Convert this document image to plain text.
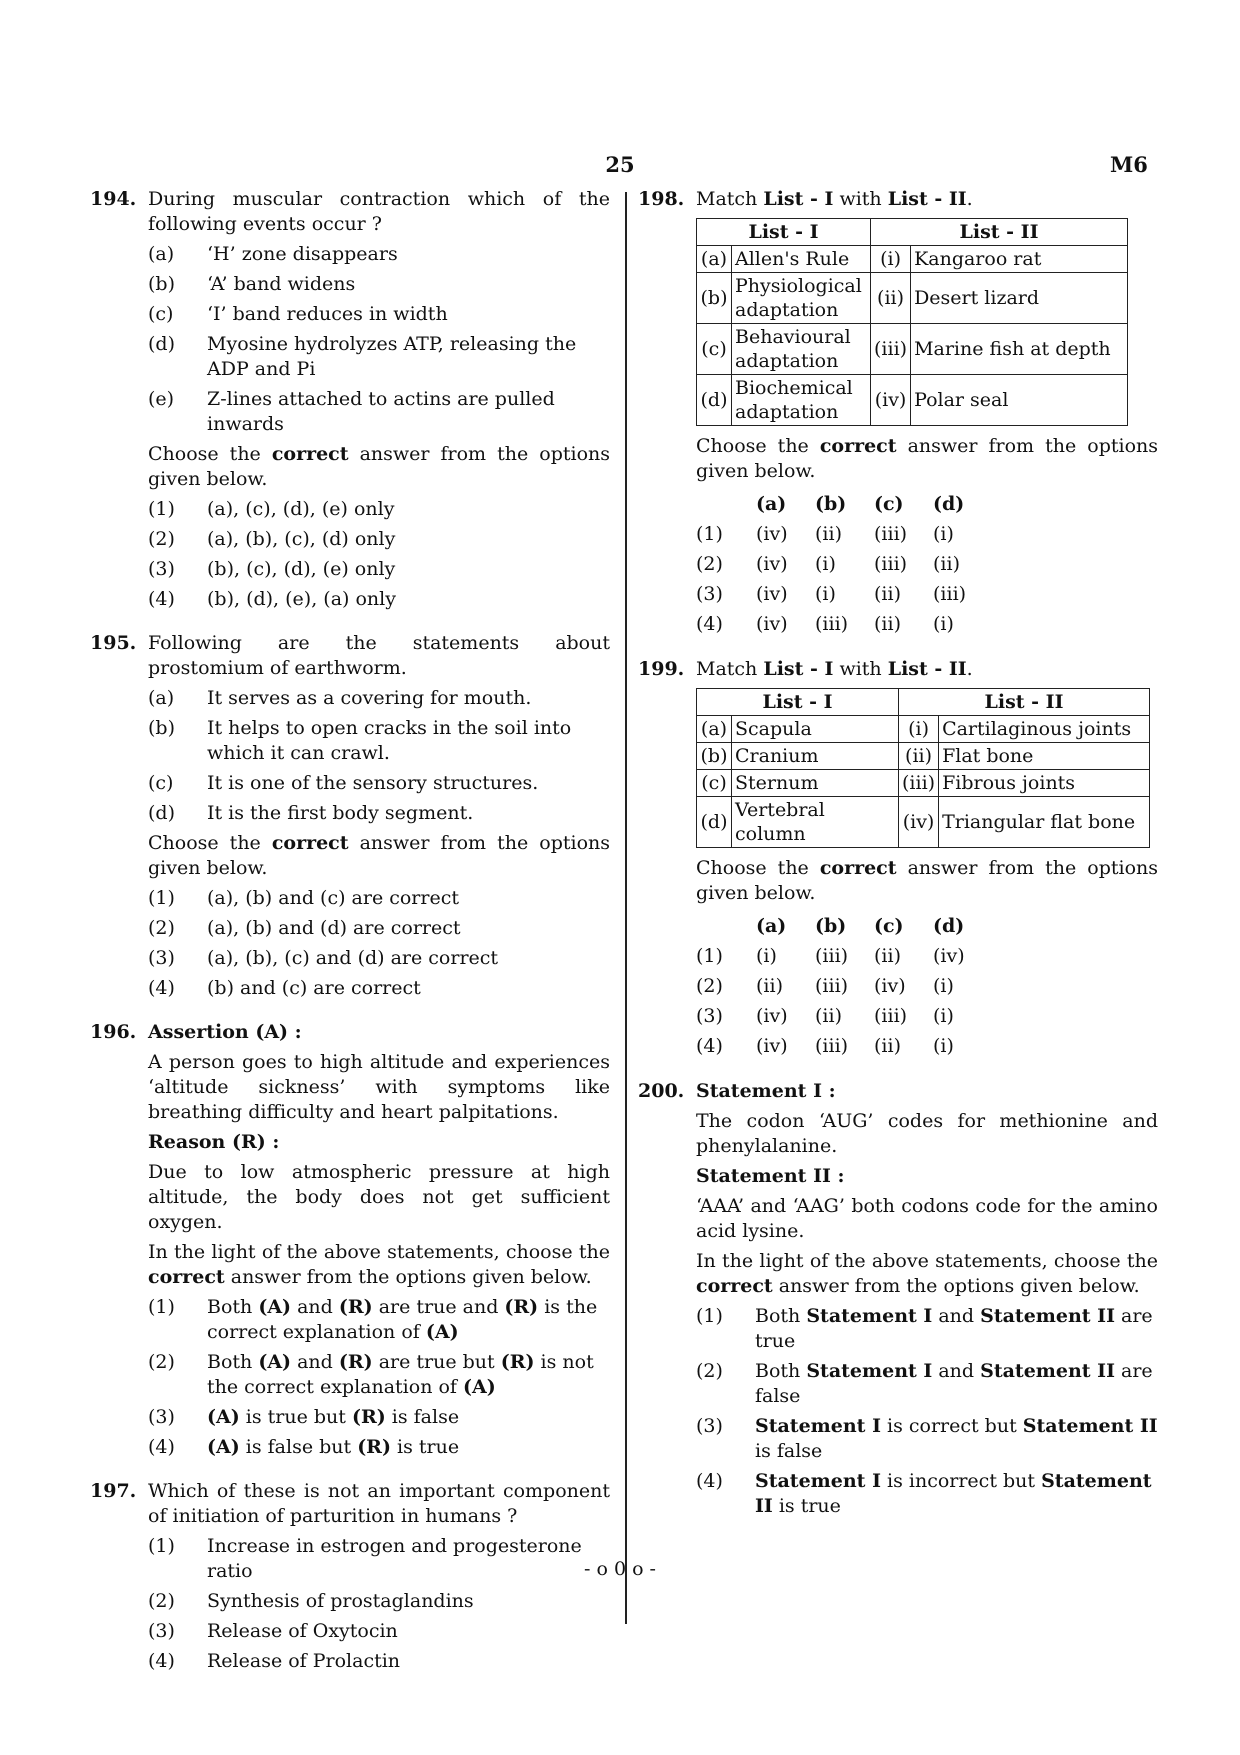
25	M6
194. During muscular contraction which of the following events occur ?

(a)	‘H’ zone disappears
(b)	‘A’ band widens
(c)	‘I’ band reduces in width
(d)	Myosine hydrolyzes ATP, releasing the ADP and Pi
(e)	Z-lines attached to actins are pulled inwards

Choose the correct answer from the options given below.

(1)	(a), (c), (d), (e) only
(2)	(a), (b), (c), (d) only
(3)	(b), (c), (d), (e) only
(4)	(b), (d), (e), (a) only
195. Following are the statements about prostomium of earthworm.

(a)	It serves as a covering for mouth.
(b)	It helps to open cracks in the soil into which it can crawl.
(c)	It is one of the sensory structures.
(d)	It is the first body segment.

Choose the correct answer from the options given below.

(1)	(a), (b) and (c) are correct
(2)	(a), (b) and (d) are correct
(3)	(a), (b), (c) and (d) are correct
(4)	(b) and (c) are correct
196. Assertion (A) :

A person goes to high altitude and experiences ‘altitude sickness’ with symptoms like breathing difficulty and heart palpitations.

Reason (R) :

Due to low atmospheric pressure at high altitude, the body does not get sufficient oxygen.

In the light of the above statements, choose the correct answer from the options given below.

(1)	Both (A) and (R) are true and (R) is the correct explanation of (A)
(2)	Both (A) and (R) are true but (R) is not the correct explanation of (A)
(3)	(A) is true but (R) is false
(4)	(A) is false but (R) is true
197. Which of these is not an important component of initiation of parturition in humans ?

(1)	Increase in estrogen and progesterone ratio
(2)	Synthesis of prostaglandins
(3)	Release of Oxytocin
(4)	Release of Prolactin
198. Match List - I with List - II.

List - I		List - II	
(a)	Allen's Rule	(i)	Kangaroo rat
(b)	Physiological adaptation	(ii)	Desert lizard
(c)	Behavioural adaptation	(iii)	Marine fish at depth
(d)	Biochemical adaptation	(iv)	Polar seal

Choose the correct answer from the options given below.

	(a)	(b)	(c)	(d)
(1)	(iv)	(ii)	(iii)	(i)
(2)	(iv)	(i)	(iii)	(ii)
(3)	(iv)	(i)	(ii)	(iii)
(4)	(iv)	(iii)	(ii)	(i)
199. Match List - I with List - II.

List - I		List - II	
(a)	Scapula	(i)	Cartilaginous joints
(b)	Cranium	(ii)	Flat bone
(c)	Sternum	(iii)	Fibrous joints
(d)	Vertebral column	(iv)	Triangular flat bone

Choose the correct answer from the options given below.

	(a)	(b)	(c)	(d)
(1)	(i)	(iii)	(ii)	(iv)
(2)	(ii)	(iii)	(iv)	(i)
(3)	(iv)	(ii)	(iii)	(i)
(4)	(iv)	(iii)	(ii)	(i)
200. Statement I :

The codon ‘AUG’ codes for methionine and phenylalanine.

Statement II :

‘AAA’ and ‘AAG’ both codons code for the amino acid lysine.

In the light of the above statements, choose the correct answer from the options given below.

(1)	Both Statement I and Statement II are true
(2)	Both Statement I and Statement II are false
(3)	Statement I is correct but Statement II is false
(4)	Statement I is incorrect but Statement II is true
- o 0 o -
